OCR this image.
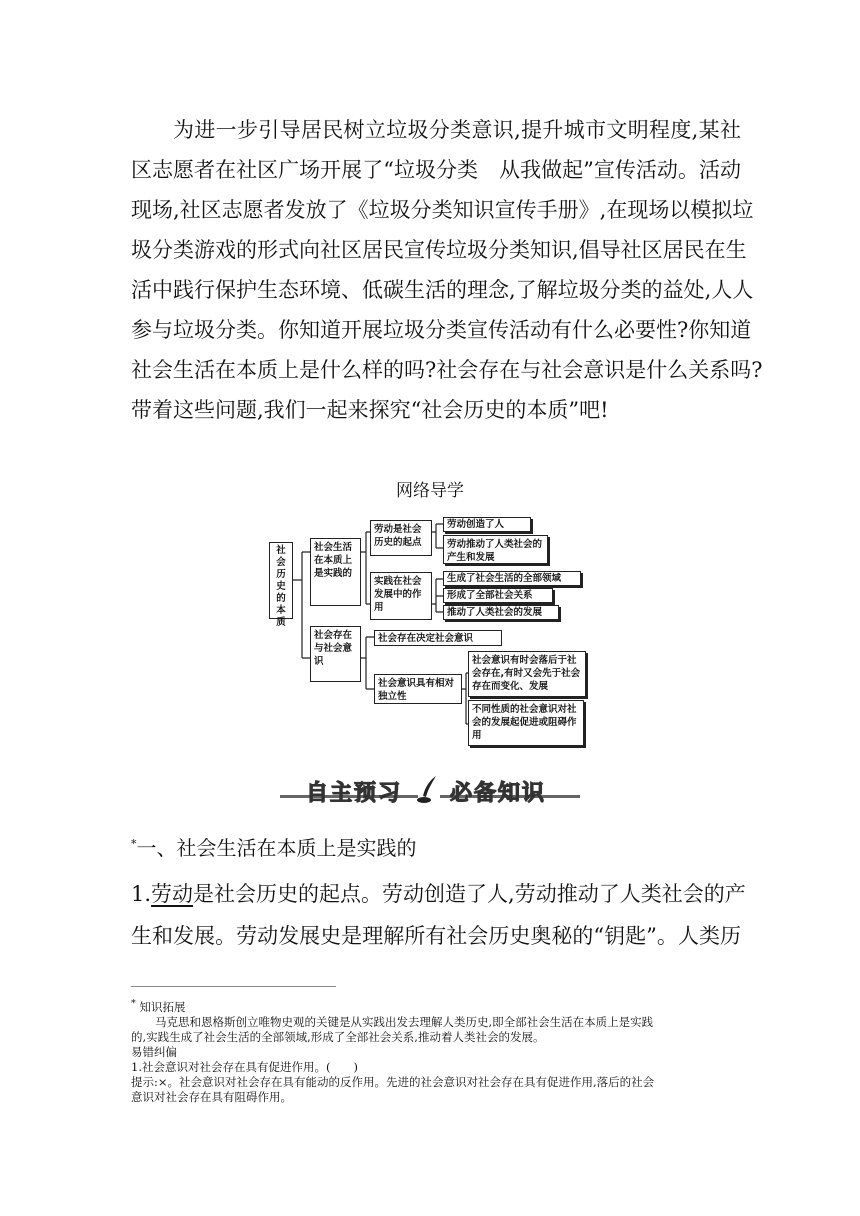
为进一步引导居民树立垃圾分类意识,提升城市文明程度,某社
区志愿者在社区广场开展了“垃圾分类　从我做起”宣传活动。活动
现场,社区志愿者发放了《垃圾分类知识宣传手册》,在现场以模拟垃
圾分类游戏的形式向社区居民宣传垃圾分类知识,倡导社区居民在生
活中践行保护生态环境、低碳生活的理念,了解垃圾分类的益处,人人
参与垃圾分类。你知道开展垃圾分类宣传活动有什么必要性?你知道
社会生活在本质上是什么样的吗?社会存在与社会意识是什么关系吗?
带着这些问题,我们一起来探究“社会历史的本质”吧!
网络导学
社会历史的本质
社会生活在本质上是实践的
社会存在与社会意识
劳动是社会历史的起点
实践在社会发展中的作用
社会存在决定社会意识
社会意识具有相对独立性
劳动创造了人
劳动推动了人类社会的产生和发展
生成了社会生活的全部领域
形成了全部社会关系
推动了人类社会的发展
社会意识有时会落后于社会存在,有时又会先于社会存在而变化、发展
不同性质的社会意识对社会的发展起促进或阻碍作用
自主预习 必备知识
*一、社会生活在本质上是实践的
1.劳动是社会历史的起点。劳动创造了人,劳动推动了人类社会的产
生和发展。劳动发展史是理解所有社会历史奥秘的“钥匙”。人类历
* 知识拓展
马克思和恩格斯创立唯物史观的关键是从实践出发去理解人类历史,即全部社会生活在本质上是实践
的,实践生成了社会生活的全部领域,形成了全部社会关系,推动着人类社会的发展。
易错纠偏
1.社会意识对社会存在具有促进作用。(　　)
提示:×。社会意识对社会存在具有能动的反作用。先进的社会意识对社会存在具有促进作用,落后的社会
意识对社会存在具有阻碍作用。
